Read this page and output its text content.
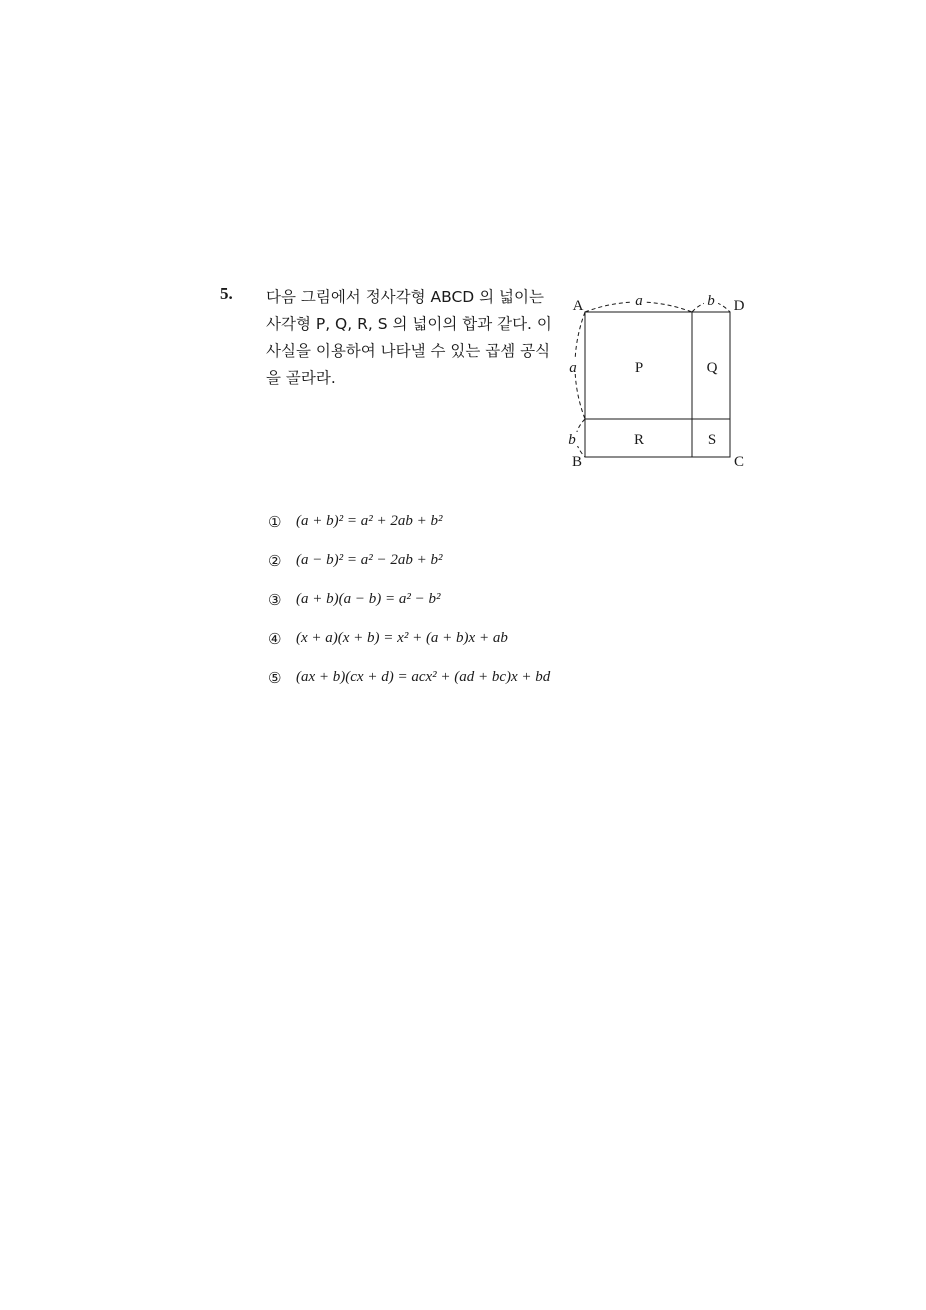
5. 다음 그림에서 정사각형 ABCD 의 넓이는
사각형 P, Q, R, S 의 넓이의 합과 같다. 이
사실을 이용하여 나타낼 수 있는 곱셈 공식
을 골라라.
a	b
a
b
A	D
B	C
P	Q
R	S
① (a + b)² = a² + 2ab + b²
② (a − b)² = a² − 2ab + b²
③ (a + b)(a − b) = a² − b²
④ (x + a)(x + b) = x² + (a + b)x + ab
⑤ (ax + b)(cx + d) = acx² + (ad + bc)x + bd
